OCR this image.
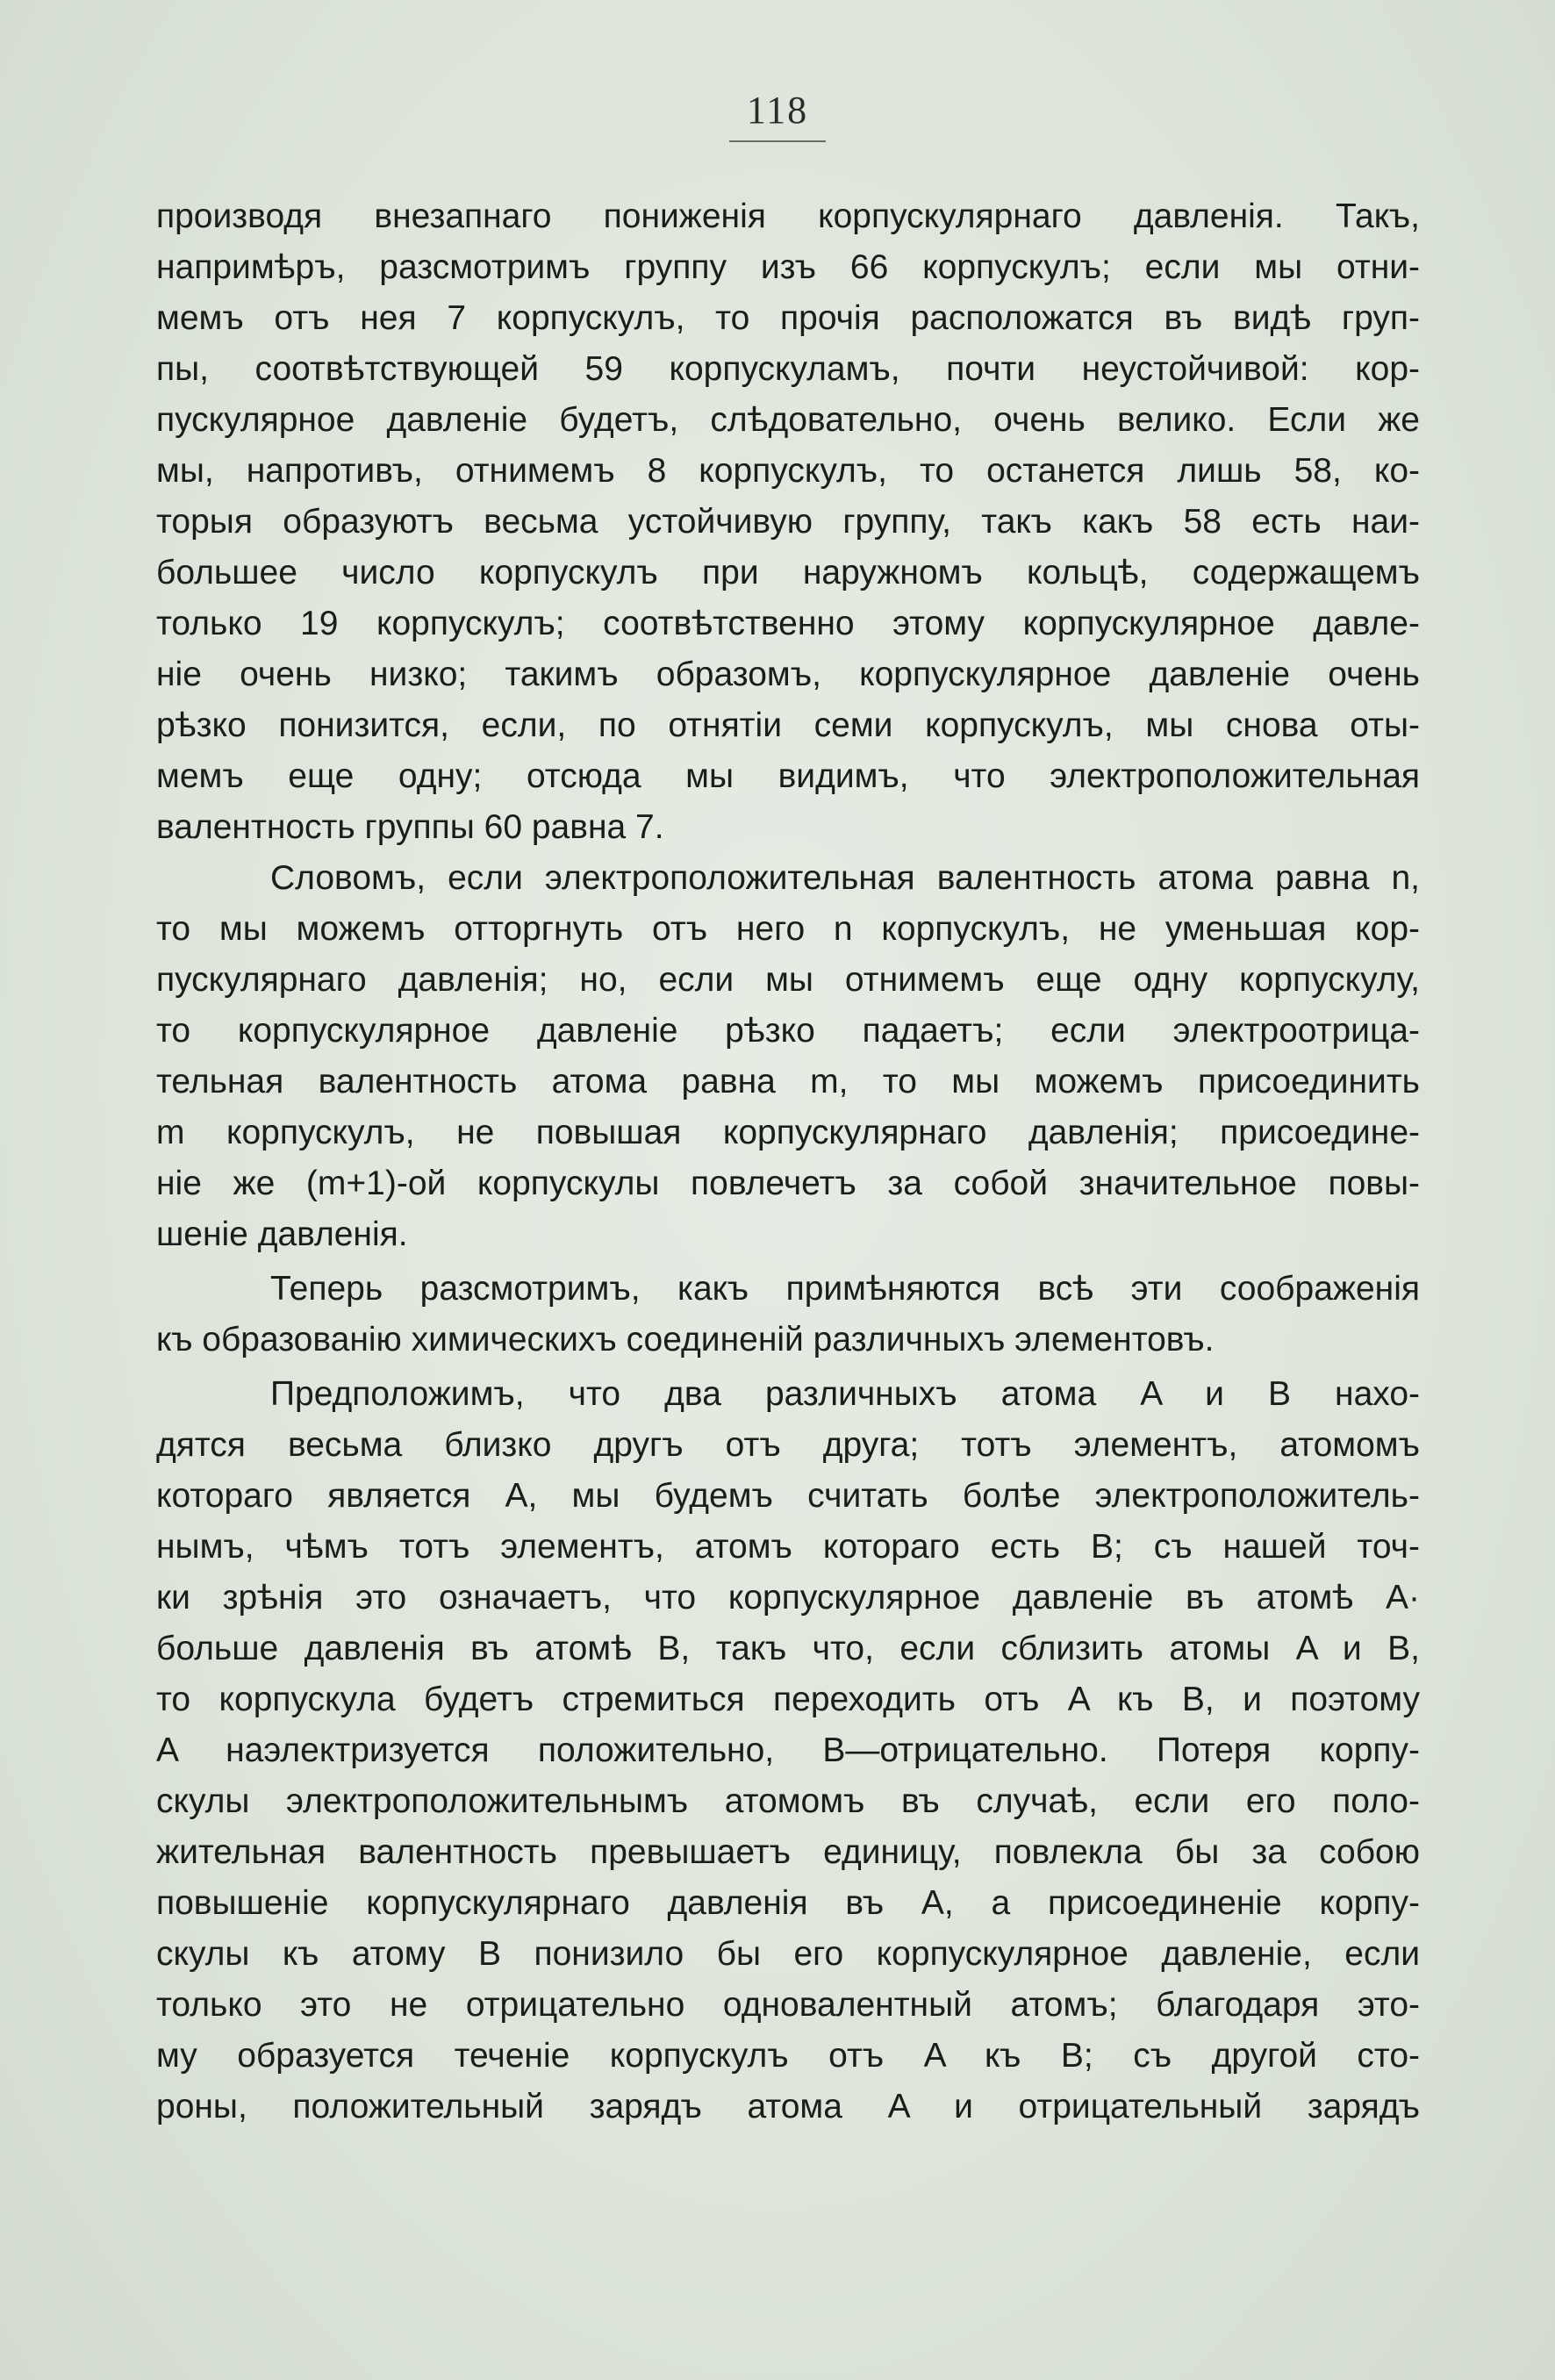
118
производя внезапнаго пониженія корпускулярнаго давленія. Такъ,
напримѣръ, разсмотримъ группу изъ 66 корпускулъ; если мы отни-
мемъ отъ нея 7 корпускулъ, то прочія расположатся въ видѣ груп-
пы, соотвѣтствующей 59 корпускуламъ, почти неустойчивой: кор-
пускулярное давленіе будетъ, слѣдовательно, очень велико. Если же
мы, напротивъ, отнимемъ 8 корпускулъ, то останется лишь 58, ко-
торыя образуютъ весьма устойчивую группу, такъ какъ 58 есть наи-
большее число корпускулъ при наружномъ кольцѣ, содержащемъ
только 19 корпускулъ; соотвѣтственно этому корпускулярное давле-
ніе очень низко; такимъ образомъ, корпускулярное давленіе очень
рѣзко понизится, если, по отнятіи семи корпускулъ, мы снова оты-
мемъ еще одну; отсюда мы видимъ, что электроположительная
валентность группы 60 равна 7.
Словомъ, если электроположительная валентность атома равна n,
то мы можемъ отторгнуть отъ него n корпускулъ, не уменьшая кор-
пускулярнаго давленія; но, если мы отнимемъ еще одну корпускулу,
то корпускулярное давленіе рѣзко падаетъ; если электроотрица-
тельная валентность атома равна m, то мы можемъ присоединить
m корпускулъ, не повышая корпускулярнаго давленія; присоедине-
ніе же (m+1)-ой корпускулы повлечетъ за собой значительное повы-
шеніе давленія.
Теперь разсмотримъ, какъ примѣняются всѣ эти соображенія
къ образованію химическихъ соединеній различныхъ элементовъ.
Предположимъ, что два различныхъ атома A и B нахо-
дятся весьма близко другъ отъ друга; тотъ элементъ, атомомъ
котораго является A, мы будемъ считать болѣе электроположитель-
нымъ, чѣмъ тотъ элементъ, атомъ котораго есть B; съ нашей точ-
ки зрѣнія это означаетъ, что корпускулярное давленіе въ атомѣ A·
больше давленія въ атомѣ B, такъ что, если сблизить атомы A и B,
то корпускула будетъ стремиться переходить отъ A къ B, и поэтому
A наэлектризуется положительно, B—отрицательно. Потеря корпу-
скулы электроположительнымъ атомомъ въ случаѣ, если его поло-
жительная валентность превышаетъ единицу, повлекла бы за собою
повышеніе корпускулярнаго давленія въ A, а присоединеніе корпу-
скулы къ атому B понизило бы его корпускулярное давленіе, если
только это не отрицательно одновалентный атомъ; благодаря это-
му образуется теченіе корпускулъ отъ A къ B; съ другой сто-
роны, положительный зарядъ атома A и отрицательный зарядъ
